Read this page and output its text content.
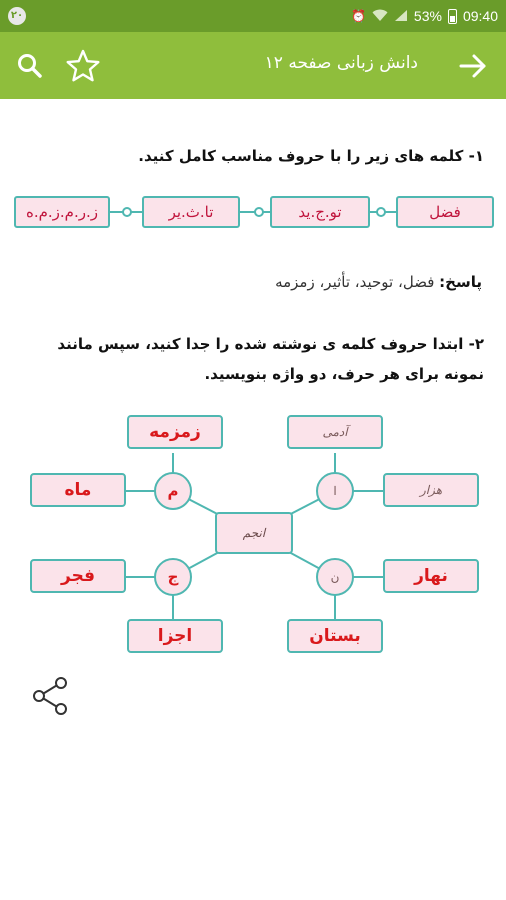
۲۰	⏰	53% 09:40
دانش زبانی صفحه ۱۲
۱- کلمه های زیر را با حروف مناسب کامل کنید.
ز.ر.م.ز.م.ه	تا.ث.یر	تو.ج.ید	فضل
پاسخ: فضل، توحید، تأثیر، زمزمه
۲- ابتدا حروف کلمه ی نوشته شده را جدا کنید، سپس مانند نمونه برای هر حرف، دو واژه بنویسید.
انجم
آدمی
ا	هزار
نهار
ن
بستان
فجر	ج
اجزا
زمزمه
م
ماه
